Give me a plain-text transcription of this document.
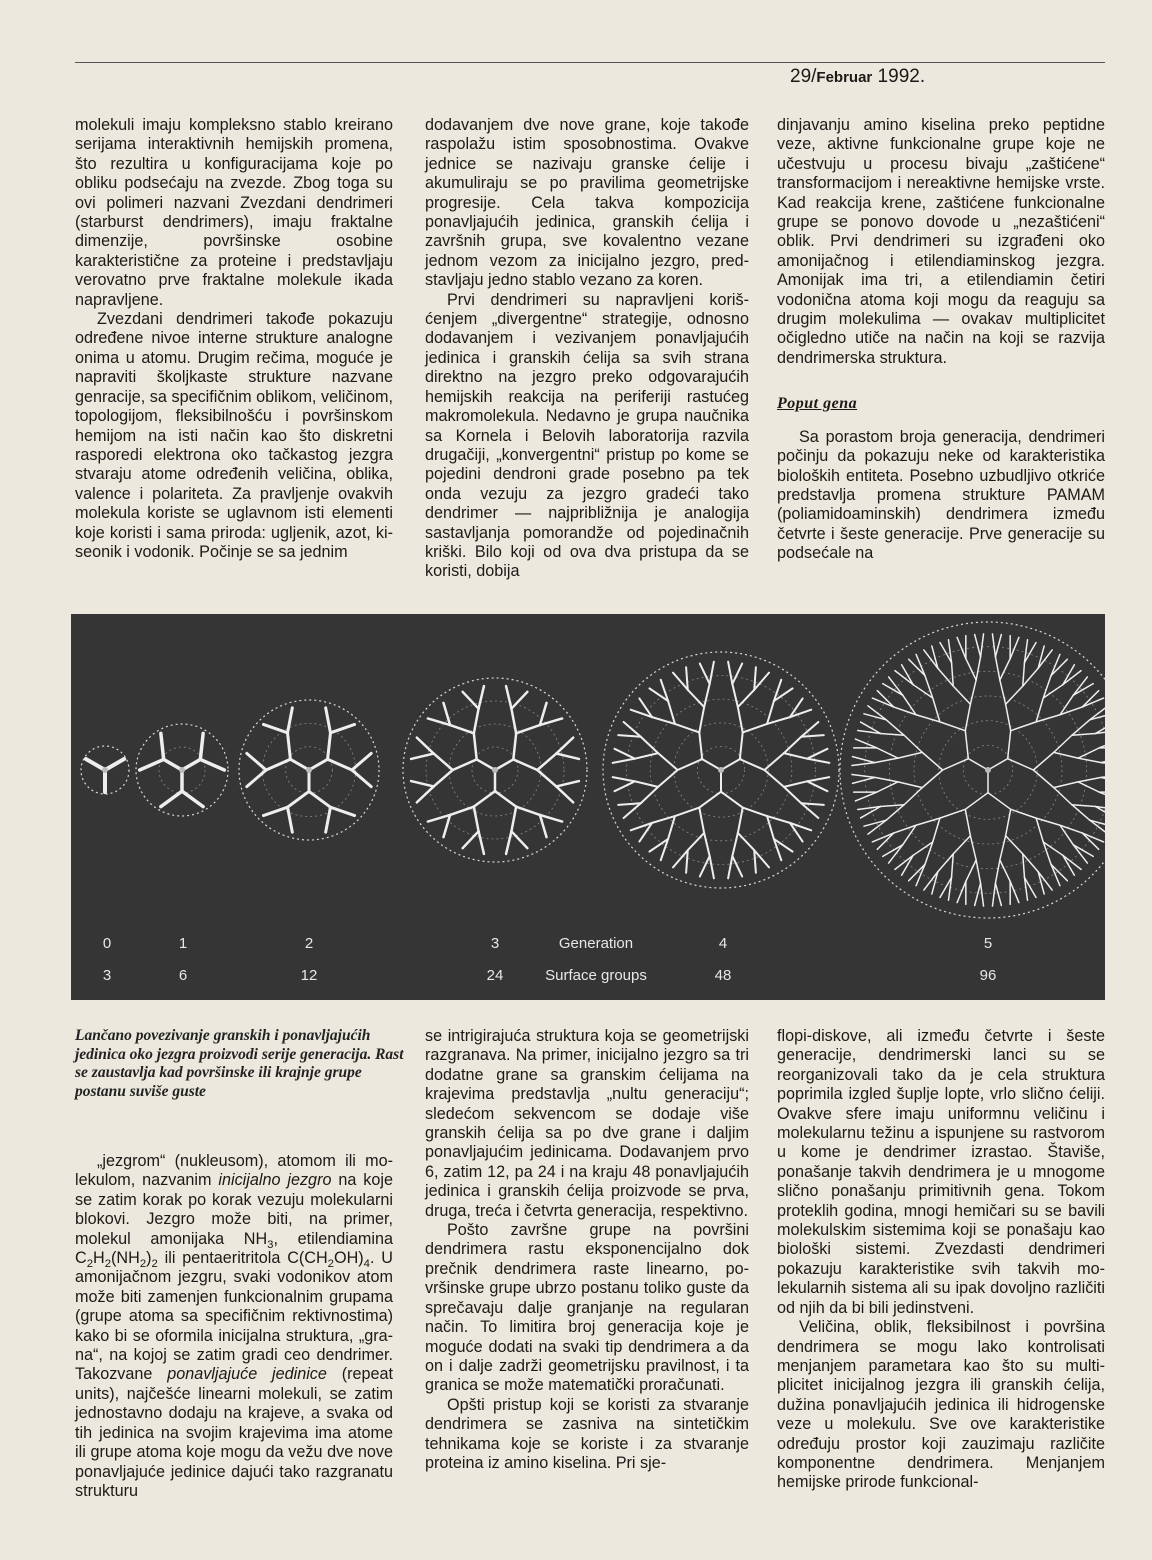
29/Februar 1992.

molekuli imaju kompleksno stablo kreirano serijama interaktivnih hemijskih promena, što rezultira u konfiguracijama koje po obliku podsećaju na zvezde. Zbog toga su ovi polimeri nazvani Zvezdani dendrimeri (starburst dendrimers), imaju fraktalne dimenzije, površinske osobine karakteristične za proteine i predstavljaju verovatno prve fraktalne molekule ikada napravljene.

Zvezdani dendrimeri takođe pokazuju određene nivoe interne strukture analogne onima u atomu. Drugim rečima, moguće je napraviti školjkaste strukture nazvane genracije, sa specifičnim oblikom, veličinom, topologijom, fleksibilnošću i površinskom hemijom na isti način kao što diskretni rasporedi elektrona oko tačkastog jezgra stvaraju atome određenih veličina, oblika, valence i polariteta. Za pravljenje ovakvih molekula koriste se uglavnom isti elementi koje koristi i sama priroda: ugljenik, azot, kiseonik i vodonik. Počinje se sa jednim

dodavanjem dve nove grane, koje takođe raspolažu istim sposobnostima. Ovakve jednice se nazivaju granske ćelije i akumuliraju se po pravilima geometrijske progresije. Cela takva kompozicija ponavljajućih jedinica, granskih ćelija i završnih grupa, sve kovalentno vezane jednom vezom za inicijalno jezgro, predstavljaju jedno stablo vezano za koren.

Prvi dendrimeri su napravljeni korišćenjem „divergentne“ strategije, odnosno dodavanjem i vezivanjem ponavljajućih jedinica i granskih ćelija sa svih strana direktno na jezgro preko odgovarajućih hemijskih reakcija na periferiji rastućeg makromolekula. Nedavno je grupa naučnika sa Kornela i Belovih laboratorija razvila drugačiji, „konvergentni“ pristup po kome se pojedini dendroni grade posebno pa tek onda vezuju za jezgro gradeći tako dendrimer — najpribližnija je analogija sastavljanja pomorandže od pojedinačnih kriški. Bilo koji od ova dva pristupa da se koristi, dobija

dinjavanju amino kiselina preko peptidne veze, aktivne funkcionalne grupe koje ne učestvuju u procesu bivaju „zaštićene“ transformacijom i nereaktivne hemijske vrste. Kad reakcija krene, zaštićene funkcionalne grupe se ponovo dovode u „nezaštićeni“ oblik. Prvi dendrimeri su izgrađeni oko amonijačnog i etilendiaminskog jezgra. Amonijak ima tri, a etilendiamin četiri vodonična atoma koji mogu da reaguju sa drugim molekulima — ovakav multiplicitet očigledno utiče na način na koji se razvija dendrimerska struktura.

Poput gena

Sa porastom broja generacija, dendrimeri počinju da pokazuju neke od karakteristika bioloških entiteta. Posebno uzbudljivo otkriće predstavlja promena strukture PAMAM (poliamidoaminskih) dendrimera između četvrte i šeste generacije. Prve generacije su podsećale na

0	1	2	3	Generation	4	5
3	6	12	24	Surface groups	48	96
Lančano povezivanje granskih i ponavljajućih jedinica oko jezgra proizvodi serije generacija. Rast se zaustavlja kad površinske ili krajnje grupe postanu suviše guste

„jezgrom“ (nukleusom), atomom ili molekulom, nazvanim inicijalno jezgro na koje se zatim korak po korak vezuju molekularni blokovi. Jezgro može biti, na primer, molekul amonijaka $NH_3$, etilendiamina $C_2H_2(NH_2)_2$ ili pentaeritritola $C(CH_2OH)_4$. U amonijačnom jezgru, svaki vodonikov atom može biti zamenjen funkcionalnim grupama (grupe atoma sa specifičnim rektivnostima) kako bi se oformila inicijalna struktura, „grana“, na kojoj se zatim gradi ceo dendrimer. Takozvane ponavljajuće jedinice (repeat units), najčešće linearni molekuli, se zatim jednostavno dodaju na krajeve, a svaka od tih jedinica na svojim krajevima ima atome ili grupe atoma koje mogu da vežu dve nove ponavljajuće jedinice dajući tako razgranatu strukturu

se intrigirajuća struktura koja se geometrijski razgranava. Na primer, inicijalno jezgro sa tri dodatne grane sa granskim ćelijama na krajevima predstavlja „nultu generaciju“; sledećom sekvencom se dodaje više granskih ćelija sa po dve grane i daljim ponavljajućim jedinicama. Dodavanjem prvo 6, zatim 12, pa 24 i na kraju 48 ponavljajućih jedinica i granskih ćelija proizvode se prva, druga, treća i četvrta generacija, respektivno.

Pošto završne grupe na površini dendrimera rastu eksponencijalno dok prečnik dendrimera raste linearno, površinske grupe ubrzo postanu toliko guste da sprečavaju dalje granjanje na regularan način. To limitira broj generacija koje je moguće dodati na svaki tip dendrimera a da on i dalje zadrži geometrijsku pravilnost, i ta granica se može matematički proračunati.

Opšti pristup koji se koristi za stvaranje dendrimera se zasniva na sintetičkim tehnikama koje se koriste i za stvaranje proteina iz amino kiselina. Pri sje-

flopi-diskove, ali između četvrte i šeste generacije, dendrimerski lanci su se reorganizovali tako da je cela struktura poprimila izgled šuplje lopte, vrlo slično ćeliji. Ovakve sfere imaju uniformnu veličinu i molekularnu težinu a ispunjene su rastvorom u kome je dendrimer izrastao. Štaviše, ponašanje takvih dendrimera je u mnogome slično ponašanju primitivnih gena. Tokom proteklih godina, mnogi hemičari su se bavili molekulskim sistemima koji se ponašaju kao biološki sistemi. Zvezdasti dendrimeri pokazuju karakteristike svih takvih molekularnih sistema ali su ipak dovoljno različiti od njih da bi bili jedinstveni.

Veličina, oblik, fleksibilnost i površina dendrimera se mogu lako kontrolisati menjanjem parametara kao što su multiplicitet inicijalnog jezgra ili granskih ćelija, dužina ponavljajućih jedinica ili hidrogenske veze u molekulu. Sve ove karakteristike određuju prostor koji zauzimaju različite komponentne dendrimera. Menjanjem hemijske prirode funkcional-
